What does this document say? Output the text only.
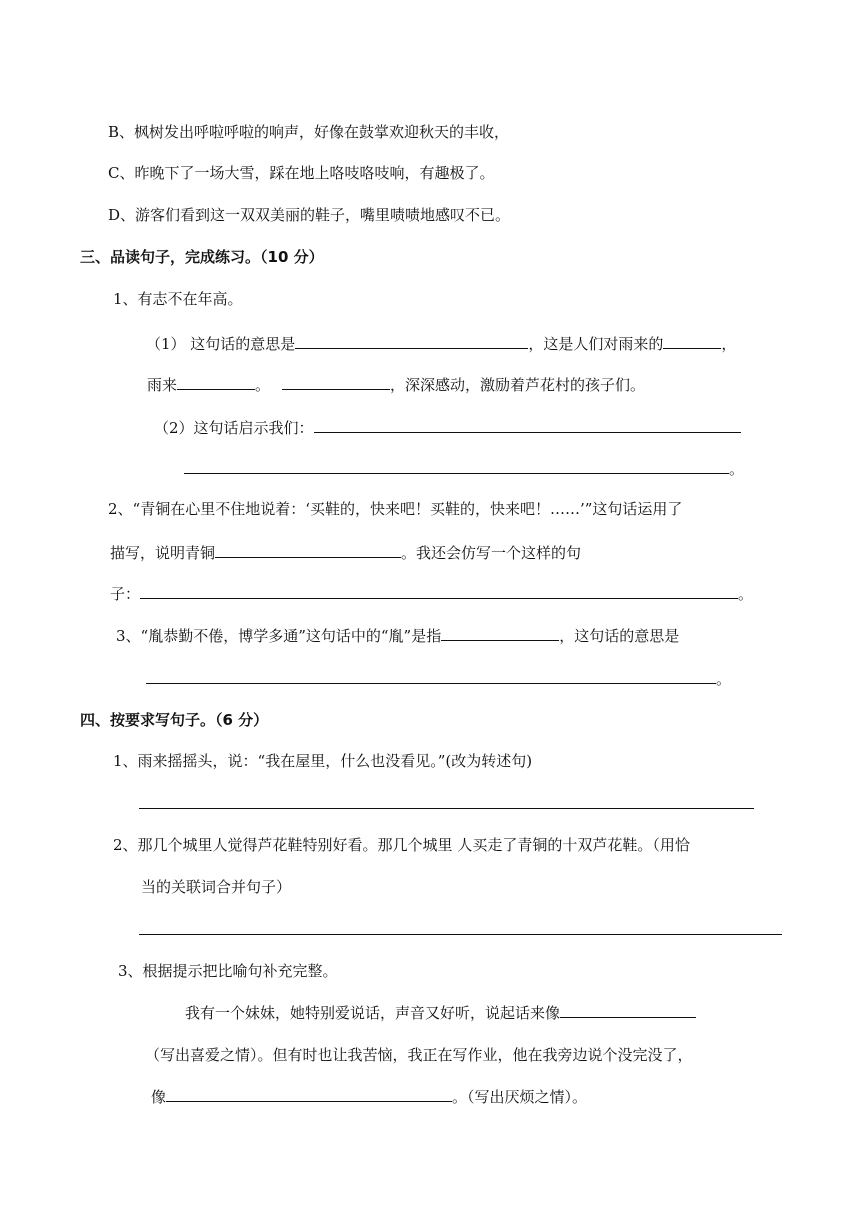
B、枫树发出呼啦呼啦的响声，好像在鼓掌欢迎秋天的丰收，
C、昨晚下了一场大雪，踩在地上咯吱咯吱响，有趣极了。
D、游客们看到这一双双美丽的鞋子，嘴里啧啧地感叹不已。
三、品读句子，完成练习。（10 分）
1、有志不在年高。
（1） 这句话的意思是	，这是人们对雨来的	，
雨来	。	，深深感动，激励着芦花村的孩子们。
（2）这句话启示我们：
。
2、“青铜在心里不住地说着：‘买鞋的，快来吧！买鞋的，快来吧！……’”这句话运用了
描写，说明青铜	。我还会仿写一个这样的句
子：	。
3、“胤恭勤不倦，博学多通”这句话中的“胤”是指	，这句话的意思是
。
四、按要求写句子。（6 分）
1、雨来摇摇头，说：“我在屋里，什么也没看见。”(改为转述句)
2、那几个城里人觉得芦花鞋特别好看。那几个城里 人买走了青铜的十双芦花鞋。（用恰
当的关联词合并句子）
3、根据提示把比喻句补充完整。
我有一个妹妹，她特别爱说话，声音又好听，说起话来像
（写出喜爱之情）。但有时也让我苦恼，我正在写作业，他在我旁边说个没完没了，
像	。（写出厌烦之情）。
